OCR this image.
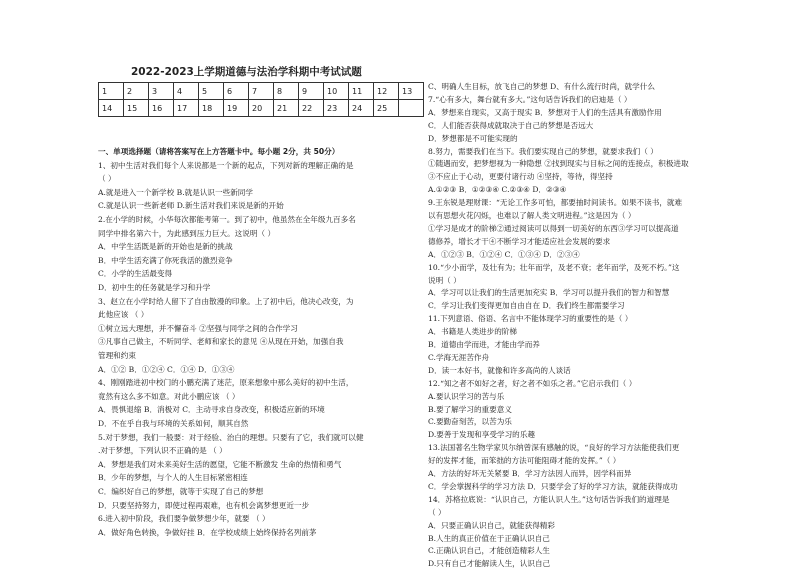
2022-2023上学期道德与法治学科期中考试试题
1	2	3	4	5	6	7	8	9	10	11	12	13
14	15	16	17	18	19	20	21	22	23	24	25	
一、单项选择题（请将答案写在上方答题卡中。每小题 2分，共 50分）
1、初中生活对我们每个人来说都是一个新的起点，下列对新的理解正确的是
（ ）
A.就是进入一个新学校 B.就是认识一些新同学
C.就是认识一些新老师 D.新生活对我们来说是新的开始
2.在小学的时候，小华每次都能考第一。到了初中，他虽然在全年级九百多名
同学中排名第六十，为此感到压力巨大。这说明（ ）
A．中学生活既是新的开始也是新的挑战
B．中学生活充满了你死我活的激烈竞争
C．小学的生活最变得
D．初中生的任务就是学习和升学
3、赵立在小学时给人留下了自由散漫的印象。上了初中后，他决心改变，为
此他应该 （ ）
①树立远大理想，并不懈奋斗 ②坚强与同学之间的合作学习
③凡事自己做主，不听同学、老师和家长的意见 ④从现在开始，加强自我
管理和约束
A．①② B．①②④ C．①④ D．①③④
4、刚刚踏进初中校门的小鹏充满了迷茫，原来想象中那么美好的初中生活，
竟然有这么多不如意。对此小鹏应该 （ ）
A．畏惧退缩 B．消极对 C．主动寻求自身改变，积极适应新的环境
D．不在乎自我与环境的关系如何，顺其自然
5.对于梦想，我们一般要：对于经验、治白的理想。只要有了它，我们就可以健
.对于梦想，下列认识不正确的是 （ ）
A．梦想是我们对未来美好生活的愿望，它能不断激发 生命的热情和勇气
B．少年的梦想，与个人的人生目标紧密相连
C．编织好自己的梦想，就等于实现了自己的梦想
D．只要坚持努力，即使过程再艰难，也有机会离梦想更近一步
6.进入初中阶段，我们要争做梦想少年，就要 （ ）
A．做好角色转换，争做好挂 B．在学校成绩上始终保持名列前茅
C、明确人生目标，放飞自己的梦想 D、有什么流行时尚，就学什么
7.“心有多大，舞台就有多大。”这句话告诉我们的启迪是（ ）
A．梦想来自现实，又高于现实 B．梦想对于人们的生活具有激励作用
C．人们能否获得成就取决于自己的梦想是否远大
D．梦想都是不可能实现的
8.努力，需要我们在当下。我们要实现自己的梦想，就要求我们（ ）
①随遇而安，把梦想视为一种隐想 ②找到现实与目标之间的连接点，积极进取
③不应止于心动，更要付诸行动 ④坚持，等待，得坚持
A.①②③ B．①②③④ C.②③④ D．②③④
9.王东锐是理财课：“无论工作多可怕，都要抽时间读书。如果不读书，就难
以有思想火花闪烁，也难以了解人类文明进程。”这是因为（ ）
①学习是成才的阶梯②通过阅读可以得到一切美好的东西③学习可以提高道
德修养，增长才干④不断学习才能适应社会发展的要求
A．①②③ B．①②④ C．①③④ D．②③④
10.“少小而学，及壮有为；壮年而学，及老不衰；老年而学，及死不朽。”这
说明（ ）
A．学习可以让我们的生活更加充实 B．学习可以提升我们的智力和智慧
C．学习让我们变得更加自由自在 D．我们终生都需要学习
11.下列意语、俗语、名言中不能体现学习的重要性的是（ ）
A．书籍是人类进步的阶梯
B．道德由学而进，才能由学而养
C.学海无涯苦作舟
D．读一本好书，就像和许多高尚的人谈话
12.“知之者不如好之者，好之者不如乐之者。”它启示我们（ ）
A.要认识学习的苦与乐
B.要了解学习的重要意义
C.要勤奋刻苦，以苦为乐
D.要善于发现和享受学习的乐趣
13.法国著名生物学家贝尔纳曾深有感触的说，“良好的学习方法能使我们更
好的发挥才能，而笨拙的方法可能阻碍才能的发挥。”（ ）
A．方法的好坏无关紧要 B．学习方法因人而异，因学科而异
C．学会掌握科学的学习方法 D．只要学会了好的学习方法，就能获得成功
14．苏格拉底说：“认识自己，方能认识人生。”这句话告诉我们的道理是
（ ）
A．只要正确认识自己，就能获得精彩
B.人生的真正价值在于正确认识自己
C.正确认识自己，才能创造精彩人生
D.只有自己才能解读人生，认识自己
